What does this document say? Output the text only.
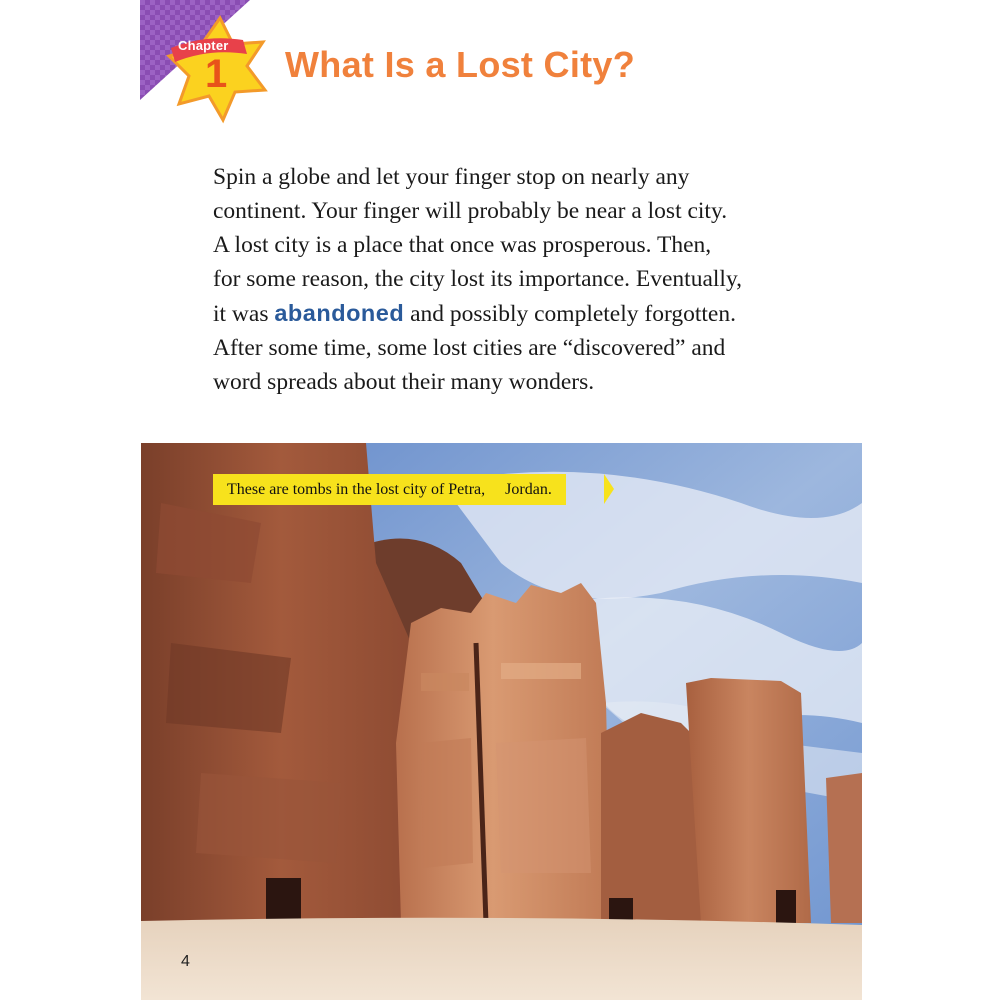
Chapter
1 What Is a Lost City?
Spin a globe and let your finger stop on nearly any
continent. Your finger will probably be near a lost city.
A lost city is a place that once was prosperous. Then,
for some reason, the city lost its importance. Eventually,
it was abandoned and possibly completely forgotten.
After some time, some lost cities are “discovered” and
word spreads about their many wonders.
These are tombs in the lost city of Petra,     Jordan.
4
